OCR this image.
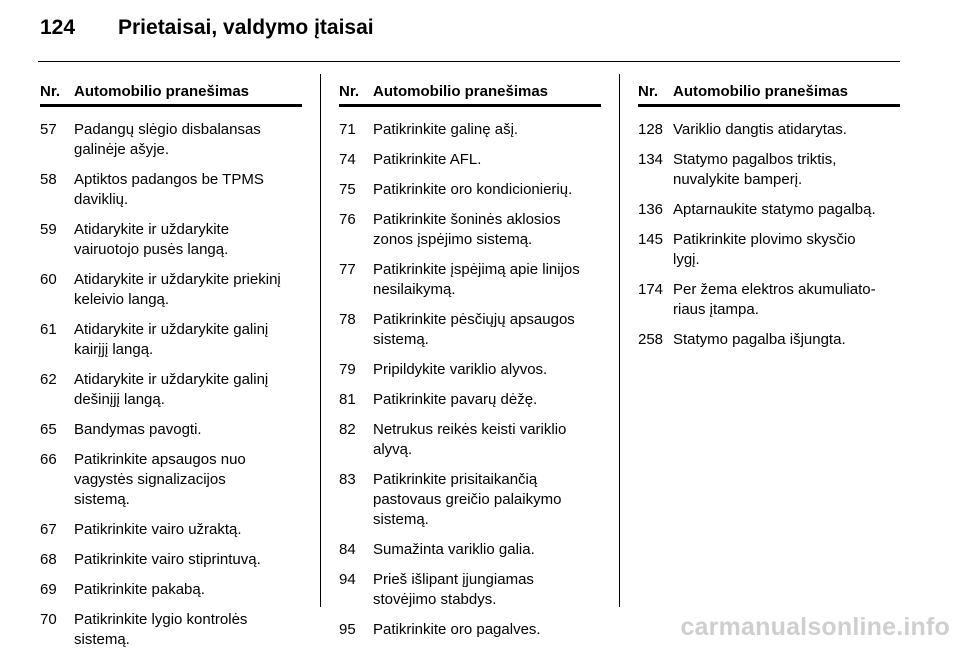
124	Prietaisai, valdymo įtaisai
Nr. Automobilio pranešimas
57	Padangų slėgio disbalansas
galinėje ašyje.
58	Aptiktos padangos be TPMS
daviklių.
59	Atidarykite ir uždarykite
vairuotojo pusės langą.
60	Atidarykite ir uždarykite priekinį
keleivio langą.
61	Atidarykite ir uždarykite galinį
kairįjį langą.
62	Atidarykite ir uždarykite galinį
dešinįjį langą.
65	Bandymas pavogti.
66	Patikrinkite apsaugos nuo
vagystės signalizacijos
sistemą.
67	Patikrinkite vairo užraktą.
68	Patikrinkite vairo stiprintuvą.
69	Patikrinkite pakabą.
70	Patikrinkite lygio kontrolės
sistemą.
Nr. Automobilio pranešimas
71	Patikrinkite galinę ašį.
74	Patikrinkite AFL.
75	Patikrinkite oro kondicionierių.
76	Patikrinkite šoninės aklosios
zonos įspėjimo sistemą.
77	Patikrinkite įspėjimą apie linijos
nesilaikymą.
78	Patikrinkite pėsčiųjų apsaugos
sistemą.
79	Pripildykite variklio alyvos.
81	Patikrinkite pavarų dėžę.
82	Netrukus reikės keisti variklio
alyvą.
83	Patikrinkite prisitaikančią
pastovaus greičio palaikymo
sistemą.
84	Sumažinta variklio galia.
94	Prieš išlipant įjungiamas
stovėjimo stabdys.
95	Patikrinkite oro pagalves.
Nr. Automobilio pranešimas
128 Variklio dangtis atidarytas.
134 Statymo pagalbos triktis,
nuvalykite bamperį.
136 Aptarnaukite statymo pagalbą.
145 Patikrinkite plovimo skysčio
lygį.
174 Per žema elektros akumuliato-
riaus įtampa.
258 Statymo pagalba išjungta.
carmanualsonline.info
